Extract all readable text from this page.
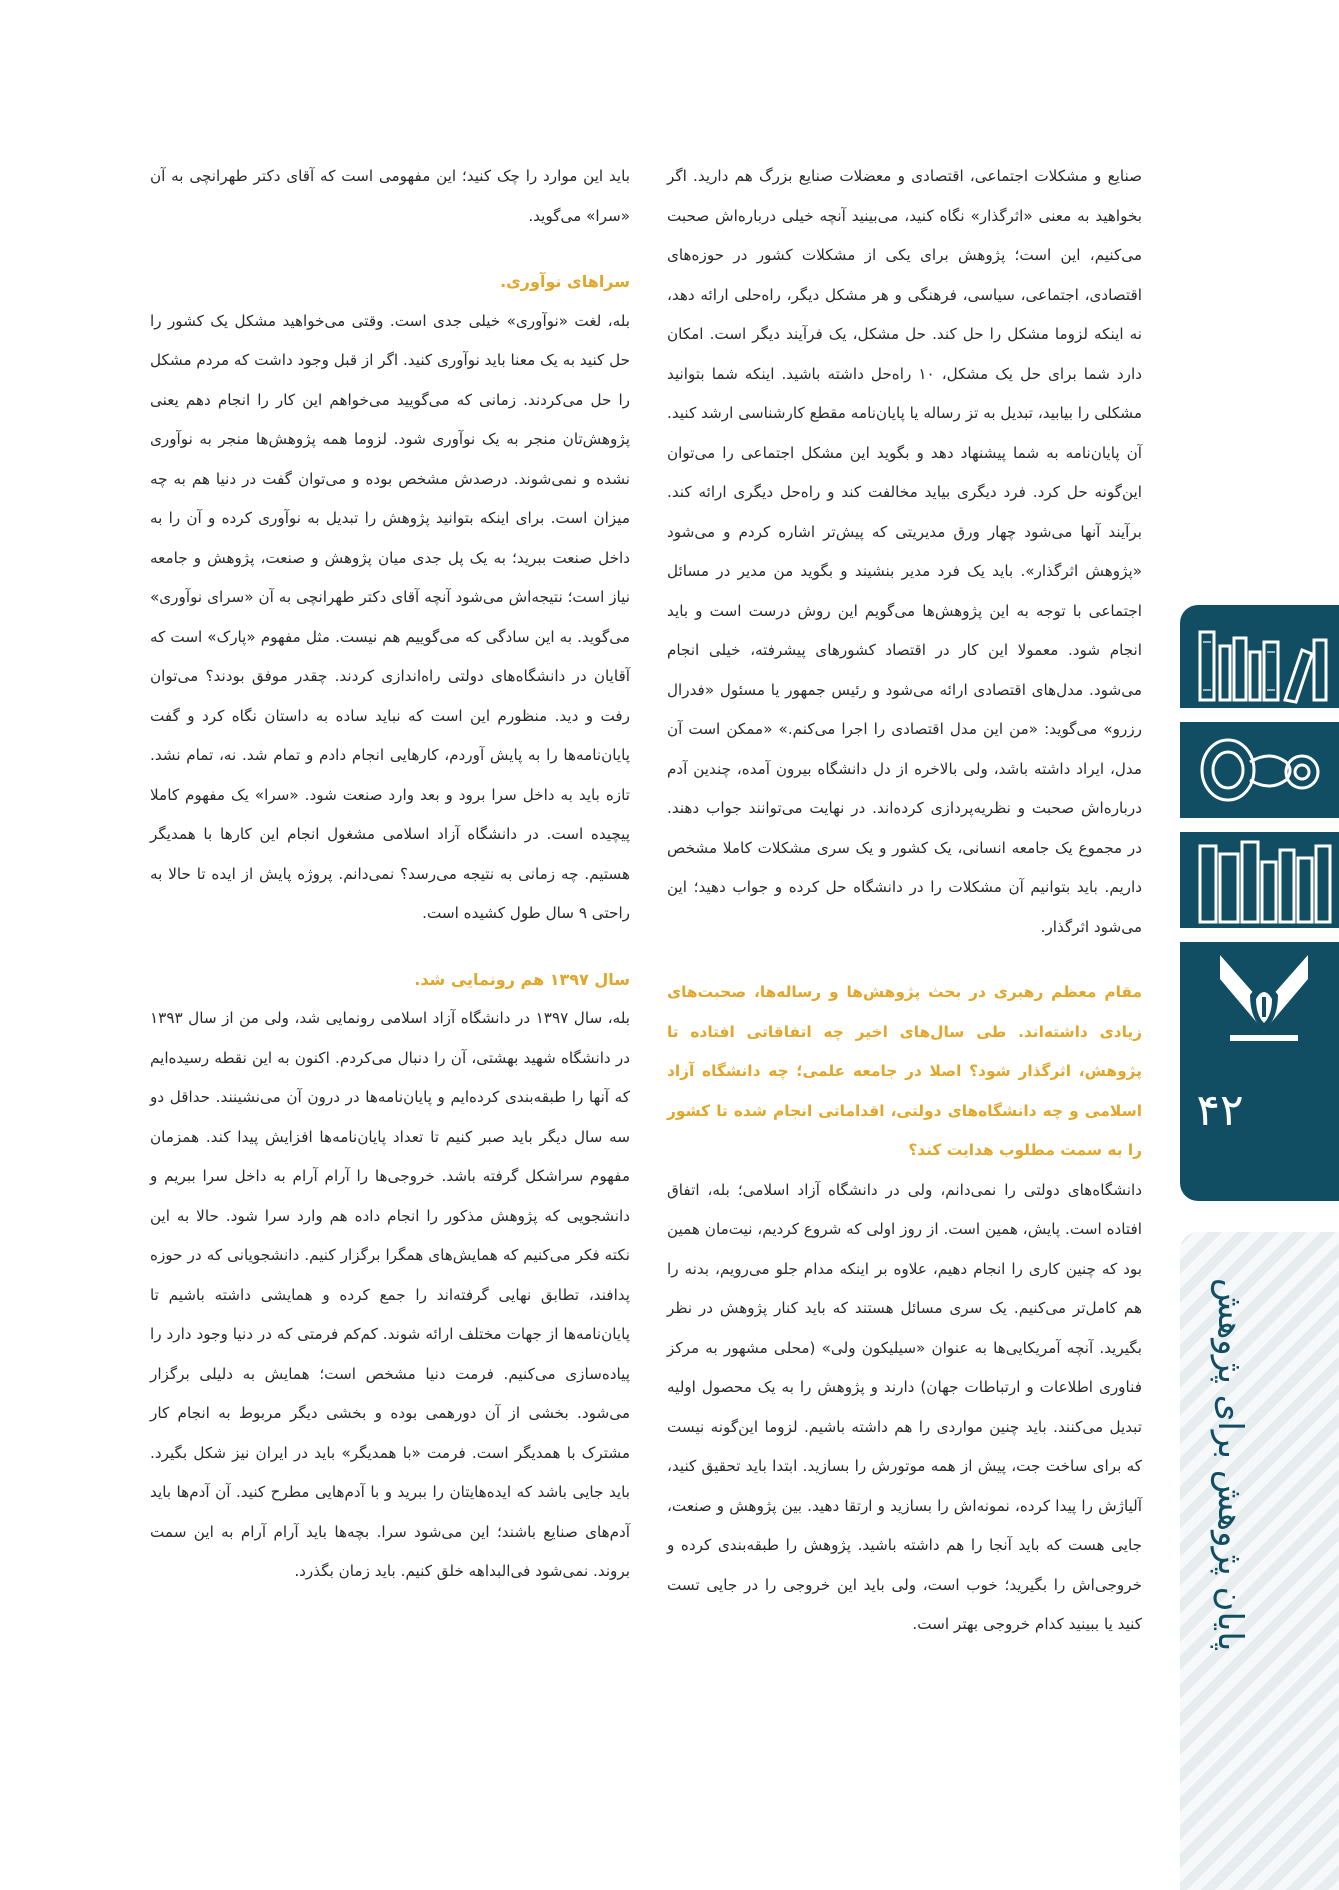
صنایع و مشکلات اجتماعی، اقتصادی و معضلات صنایع بزرگ هم دارید. اگر بخواهید به معنی «اثرگذار» نگاه کنید، می‌بینید آنچه خیلی درباره‌اش صحبت می‌کنیم، این است؛ پژوهش برای یکی از مشکلات کشور در حوزه‌های اقتصادی، اجتماعی، سیاسی، فرهنگی و هر مشکل دیگر، راه‌حلی ارائه دهد، نه اینکه لزوما مشکل را حل کند. حل مشکل، یک فرآیند دیگر است. امکان دارد شما برای حل یک مشکل، ۱۰ راه‌حل داشته باشید. اینکه شما بتوانید مشکلی را بیابید، تبدیل به تز رساله یا پایان‌نامه مقطع کارشناسی ارشد کنید. آن پایان‌نامه به شما پیشنهاد دهد و بگوید این مشکل اجتماعی را می‌توان این‌گونه حل کرد. فرد دیگری بیاید مخالفت کند و راه‌حل دیگری ارائه کند. برآیند آنها می‌شود چهار ورق مدیریتی که پیش‌تر اشاره کردم و می‌شود «پژوهش اثرگذار». باید یک فرد مدیر بنشیند و بگوید من مدیر در مسائل اجتماعی با توجه به این پژوهش‌ها می‌گویم این روش درست است و باید انجام شود. معمولا این کار در اقتصاد کشورهای پیشرفته، خیلی انجام می‌شود. مدل‌های اقتصادی ارائه می‌شود و رئیس جمهور یا مسئول «فدرال رزرو» می‌گوید: «من این مدل اقتصادی را اجرا می‌کنم.» «ممکن است آن مدل، ایراد داشته باشد، ولی بالاخره از دل دانشگاه بیرون آمده، چندین آدم درباره‌اش صحبت و نظریه‌پردازی کرده‌اند. در نهایت می‌توانند جواب دهند. در مجموع یک جامعه انسانی، یک کشور و یک سری مشکلات کاملا مشخص داریم. باید بتوانیم آن مشکلات را در دانشگاه حل کرده و جواب دهید؛ این می‌شود اثرگذار.

مقام معظم رهبری در بحث پژوهش‌ها و رساله‌ها، صحبت‌های زیادی داشته‌اند. طی سال‌های اخیر چه اتفاقاتی افتاده تا پژوهش، اثرگذار شود؟ اصلا در جامعه علمی؛ چه دانشگاه آزاد اسلامی و چه دانشگاه‌های دولتی، اقداماتی انجام شده تا کشور را به سمت مطلوب هدایت کند؟

دانشگاه‌های دولتی را نمی‌دانم، ولی در دانشگاه آزاد اسلامی؛ بله، اتفاق افتاده است. پایش، همین است. از روز اولی که شروع کردیم، نیت‌مان همین بود که چنین کاری را انجام دهیم، علاوه بر اینکه مدام جلو می‌رویم، بدنه را هم کامل‌تر می‌کنیم. یک سری مسائل هستند که باید کنار پژوهش در نظر بگیرید. آنچه آمریکایی‌ها به عنوان «سیلیکون ولی» (محلی مشهور به مرکز فناوری اطلاعات و ارتباطات جهان) دارند و پژوهش را به یک محصول اولیه تبدیل می‌کنند. باید چنین مواردی را هم داشته باشیم. لزوما این‌گونه نیست که برای ساخت جت، پیش از همه موتورش را بسازید. ابتدا باید تحقیق کنید، آلیاژش را پیدا کرده، نمونه‌اش را بسازید و ارتقا دهید. بین پژوهش و صنعت، جایی هست که باید آنجا را هم داشته باشید. پژوهش را طبقه‌بندی کرده و خروجی‌اش را بگیرید؛ خوب است، ولی باید این خروجی را در جایی تست کنید یا ببینید کدام خروجی بهتر است.

باید این موارد را چک کنید؛ این مفهومی است که آقای دکتر طهرانچی به آن «سرا» می‌گوید.

سراهای نوآوری.

بله، لغت «نوآوری» خیلی جدی است. وقتی می‌خواهید مشکل یک کشور را حل کنید به یک معنا باید نوآوری کنید. اگر از قبل وجود داشت که مردم مشکل را حل می‌کردند. زمانی که می‌گویید می‌خواهم این کار را انجام دهم یعنی پژوهش‌تان منجر به یک نوآوری شود. لزوما همه پژوهش‌ها منجر به نوآوری نشده و نمی‌شوند. درصدش مشخص بوده و می‌توان گفت در دنیا هم به چه میزان است. برای اینکه بتوانید پژوهش را تبدیل به نوآوری کرده و آن را به داخل صنعت ببرید؛ به یک پل جدی میان پژوهش و صنعت، پژوهش و جامعه نیاز است؛ نتیجه‌اش می‌شود آنچه آقای دکتر طهرانچی به آن «سرای نوآوری» می‌گوید. به این سادگی که می‌گوییم هم نیست. مثل مفهوم «پارک» است که آقایان در دانشگاه‌های دولتی راه‌اندازی کردند. چقدر موفق بودند؟ می‌توان رفت و دید. منظورم این است که نباید ساده به داستان نگاه کرد و گفت پایان‌نامه‌ها را به پایش آوردم، کارهایی انجام دادم و تمام شد. نه، تمام نشد. تازه باید به داخل سرا برود و بعد وارد صنعت شود. «سرا» یک مفهوم کاملا پیچیده است. در دانشگاه آزاد اسلامی مشغول انجام این کارها با همدیگر هستیم. چه زمانی به نتیجه می‌رسد؟ نمی‌دانم. پروژه پایش از ایده تا حالا به راحتی ۹ سال طول کشیده است.

سال ۱۳۹۷ هم رونمایی شد.

بله، سال ۱۳۹۷ در دانشگاه آزاد اسلامی رونمایی شد، ولی من از سال ۱۳۹۳ در دانشگاه شهید بهشتی، آن را دنبال می‌کردم. اکنون به این نقطه رسیده‌ایم که آنها را طبقه‌بندی کرده‌ایم و پایان‌نامه‌ها در درون آن می‌نشینند. حداقل دو سه سال دیگر باید صبر کنیم تا تعداد پایان‌نامه‌ها افزایش پیدا کند. همزمان مفهوم سراشکل گرفته باشد. خروجی‌ها را آرام آرام به داخل سرا ببریم و دانشجویی که پژوهش مذکور را انجام داده هم وارد سرا شود. حالا به این نکته فکر می‌کنیم که همایش‌های همگرا برگزار کنیم. دانشجویانی که در حوزه پدافند، تطابق نهایی گرفته‌اند را جمع کرده و همایشی داشته باشیم تا پایان‌نامه‌ها از جهات مختلف ارائه شوند. کم‌کم فرمتی که در دنیا وجود دارد را پیاده‌سازی می‌کنیم. فرمت دنیا مشخص است؛ همایش به دلیلی برگزار می‌شود. بخشی از آن دورهمی بوده و بخشی دیگر مربوط به انجام کار مشترک با همدیگر است. فرمت «با همدیگر» باید در ایران نیز شکل بگیرد. باید جایی باشد که ایده‌هایتان را ببرید و با آدم‌هایی مطرح کنید. آن آدم‌ها باید آدم‌های صنایع باشند؛ این می‌شود سرا. بچه‌ها باید آرام آرام به این سمت بروند. نمی‌شود فی‌البداهه خلق کنیم. باید زمان بگذرد.

۴۲
پایان پژوهش برای پژوهش
